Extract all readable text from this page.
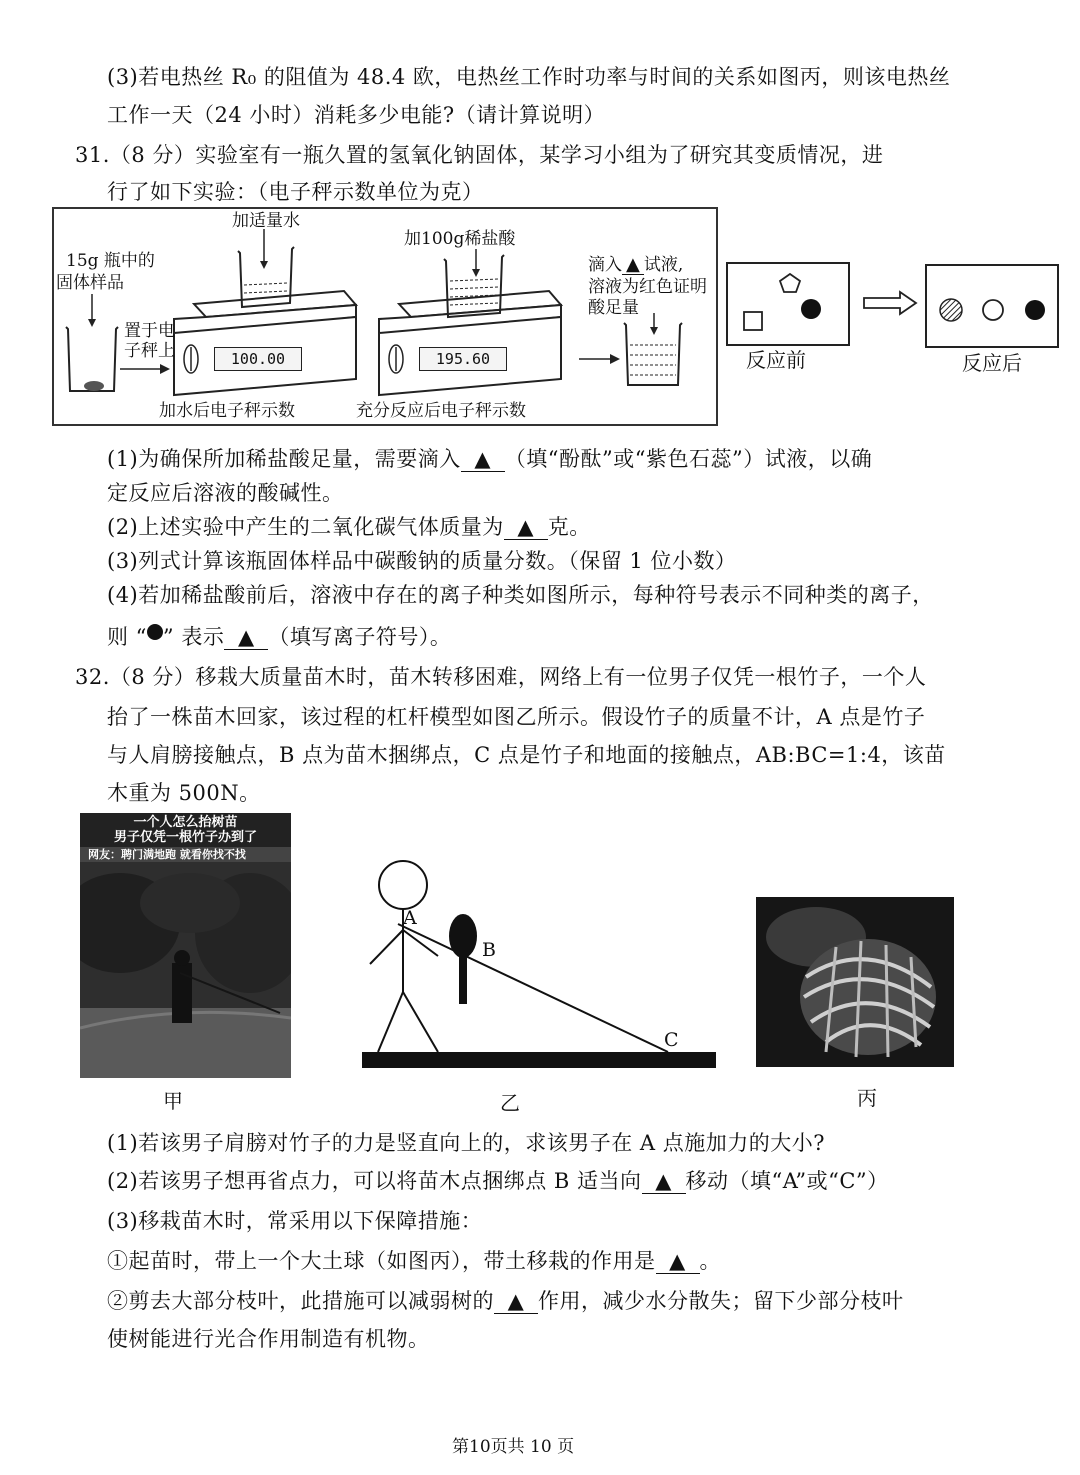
(3)若电热丝 R₀ 的阻值为 48.4 欧，电热丝工作时功率与时间的关系如图丙，则该电热丝
工作一天（24 小时）消耗多少电能?（请计算说明）
31.（8 分）实验室有一瓶久置的氢氧化钠固体，某学习小组为了研究其变质情况，进
行了如下实验：（电子秤示数单位为克）
15g 瓶中的
固体样品
置于电
子秤上
加适量水
加100g稀盐酸
100.00	195.60
加水后电子秤示数	充分反应后电子秤示数
滴入 ▲ 试液,
溶液为红色证明
酸足量
反应前	反应后
(1)为确保所加稀盐酸足量，需要滴入 ▲ （填“酚酞”或“紫色石蕊”）试液，以确
定反应后溶液的酸碱性。
(2)上述实验中产生的二氧化碳气体质量为 ▲ 克。
(3)列式计算该瓶固体样品中碳酸钠的质量分数。（保留 1 位小数）
(4)若加稀盐酸前后，溶液中存在的离子种类如图所示，每种符号表示不同种类的离子，
则 “ ” 表示 ▲ （填写离子符号）。
32.（8 分）移栽大质量苗木时，苗木转移困难，网络上有一位男子仅凭一根竹子，一个人
抬了一株苗木回家，该过程的杠杆模型如图乙所示。假设竹子的质量不计，A 点是竹子
与人肩膀接触点，B 点为苗木捆绑点，C 点是竹子和地面的接触点，AB:BC=1:4，该苗
木重为 500N。
一个人怎么抬树苗
男子仅凭一根竹子办到了
网友：聘门满地跑 就看你找不找
甲
A
B
C
乙	丙
(1)若该男子肩膀对竹子的力是竖直向上的，求该男子在 A 点施加力的大小?
(2)若该男子想再省点力，可以将苗木点捆绑点 B 适当向 ▲ 移动（填“A”或“C”）
(3)移栽苗木时，常采用以下保障措施：
①起苗时，带上一个大土球（如图丙），带土移栽的作用是 ▲ 。
②剪去大部分枝叶，此措施可以减弱树的 ▲ 作用，减少水分散失；留下少部分枝叶
使树能进行光合作用制造有机物。
第10页共 10 页
